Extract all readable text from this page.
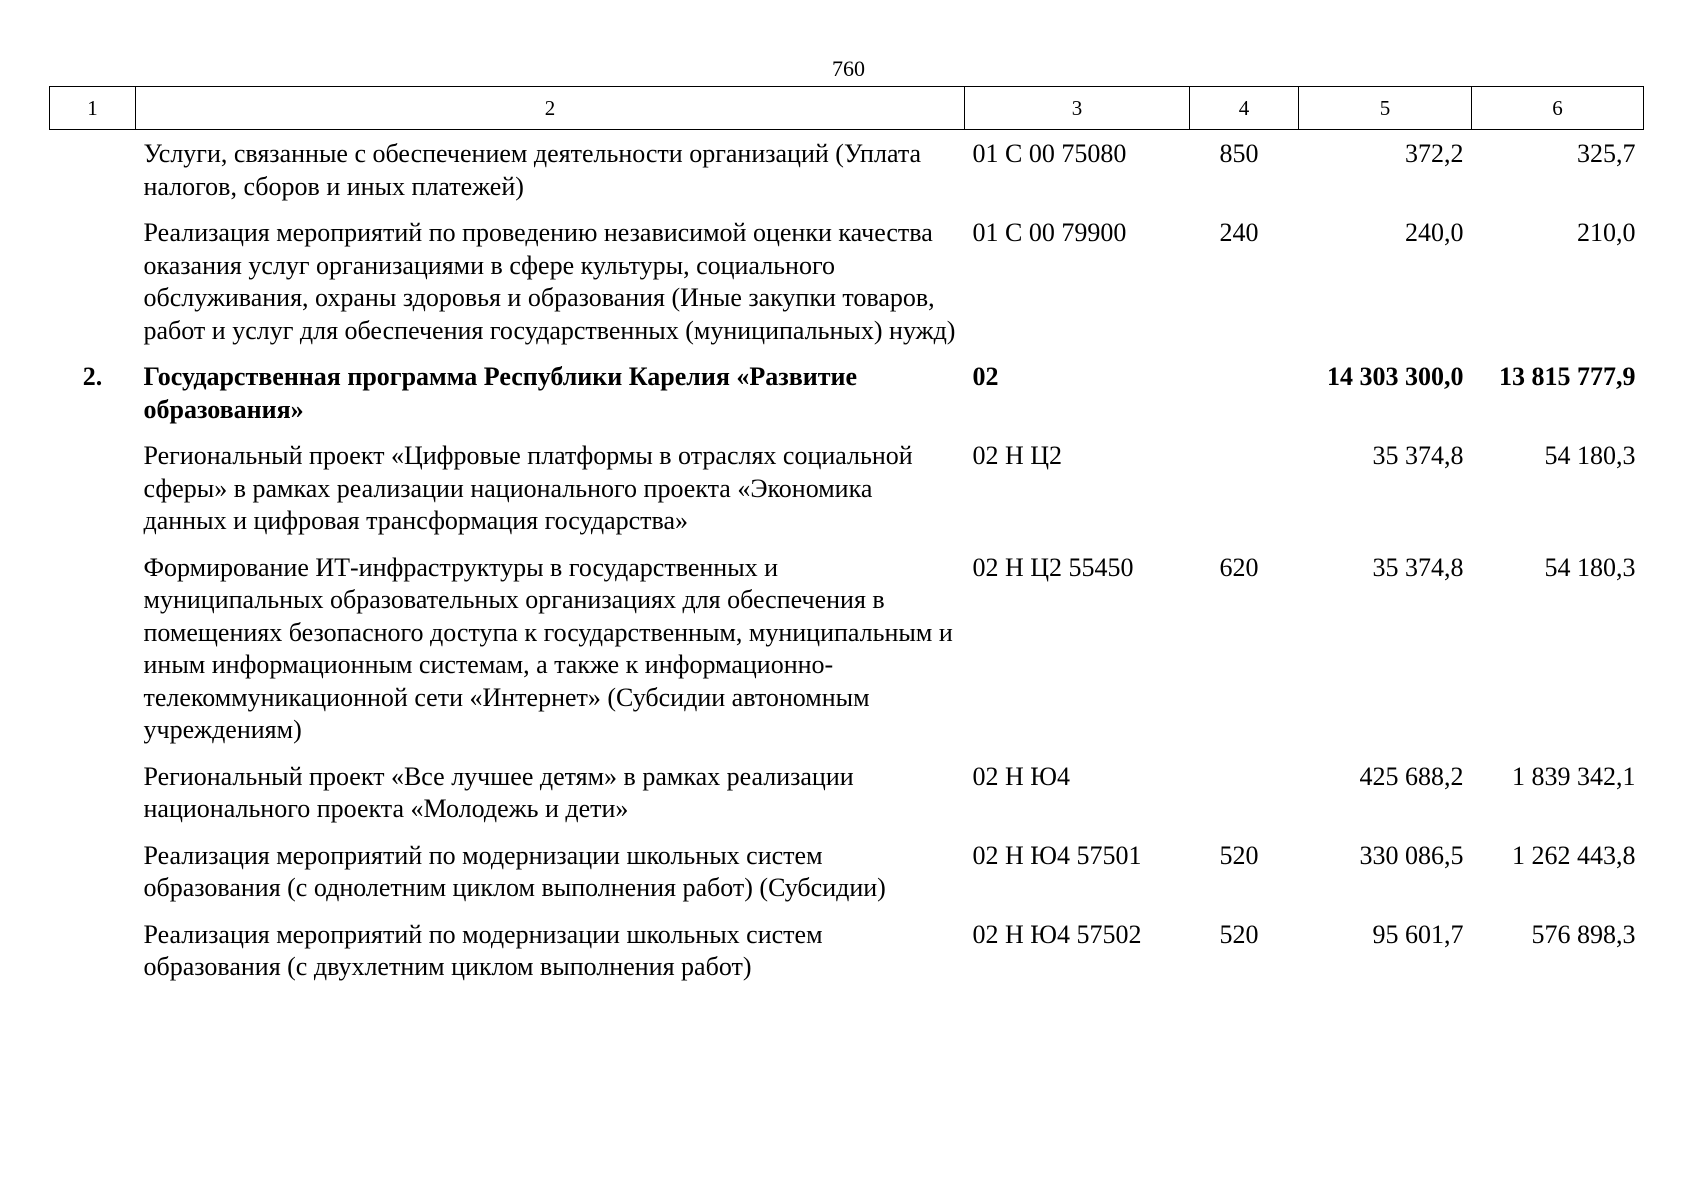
760
1	2	3	4	5	6
	Услуги, связанные с обеспечением деятельности организаций (Уплата налогов, сборов и иных платежей)	01 С 00 75080	850	372,2	325,7
	Реализация мероприятий по проведению независимой оценки качества оказания услуг организациями в сфере культуры, социального обслуживания, охраны здоровья и образования (Иные закупки товаров, работ и услуг для обеспечения государственных (муниципальных) нужд)	01 С 00 79900	240	240,0	210,0
2.	Государственная программа Республики Карелия «Развитие образования»	02		14 303 300,0	13 815 777,9
	Региональный проект «Цифровые платформы в отраслях социальной сферы» в рамках реализации национального проекта «Экономика данных и цифровая трансформация государства»	02 Н Ц2		35 374,8	54 180,3
	Формирование ИТ-инфраструктуры в государственных и муниципальных образовательных организациях для обеспечения в помещениях безопасного доступа к государственным, муниципальным и иным информационным системам, а также к информационно-телекоммуникационной сети «Интернет» (Субсидии автономным учреждениям)	02 Н Ц2 55450	620	35 374,8	54 180,3
	Региональный проект «Все лучшее детям» в рамках реализации национального проекта «Молодежь и дети»	02 Н Ю4		425 688,2	1 839 342,1
	Реализация мероприятий по модернизации школьных систем образования (с однолетним циклом выполнения работ) (Субсидии)	02 Н Ю4 57501	520	330 086,5	1 262 443,8
	Реализация мероприятий по модернизации школьных систем образования (с двухлетним циклом выполнения работ)	02 Н Ю4 57502	520	95 601,7	576 898,3
